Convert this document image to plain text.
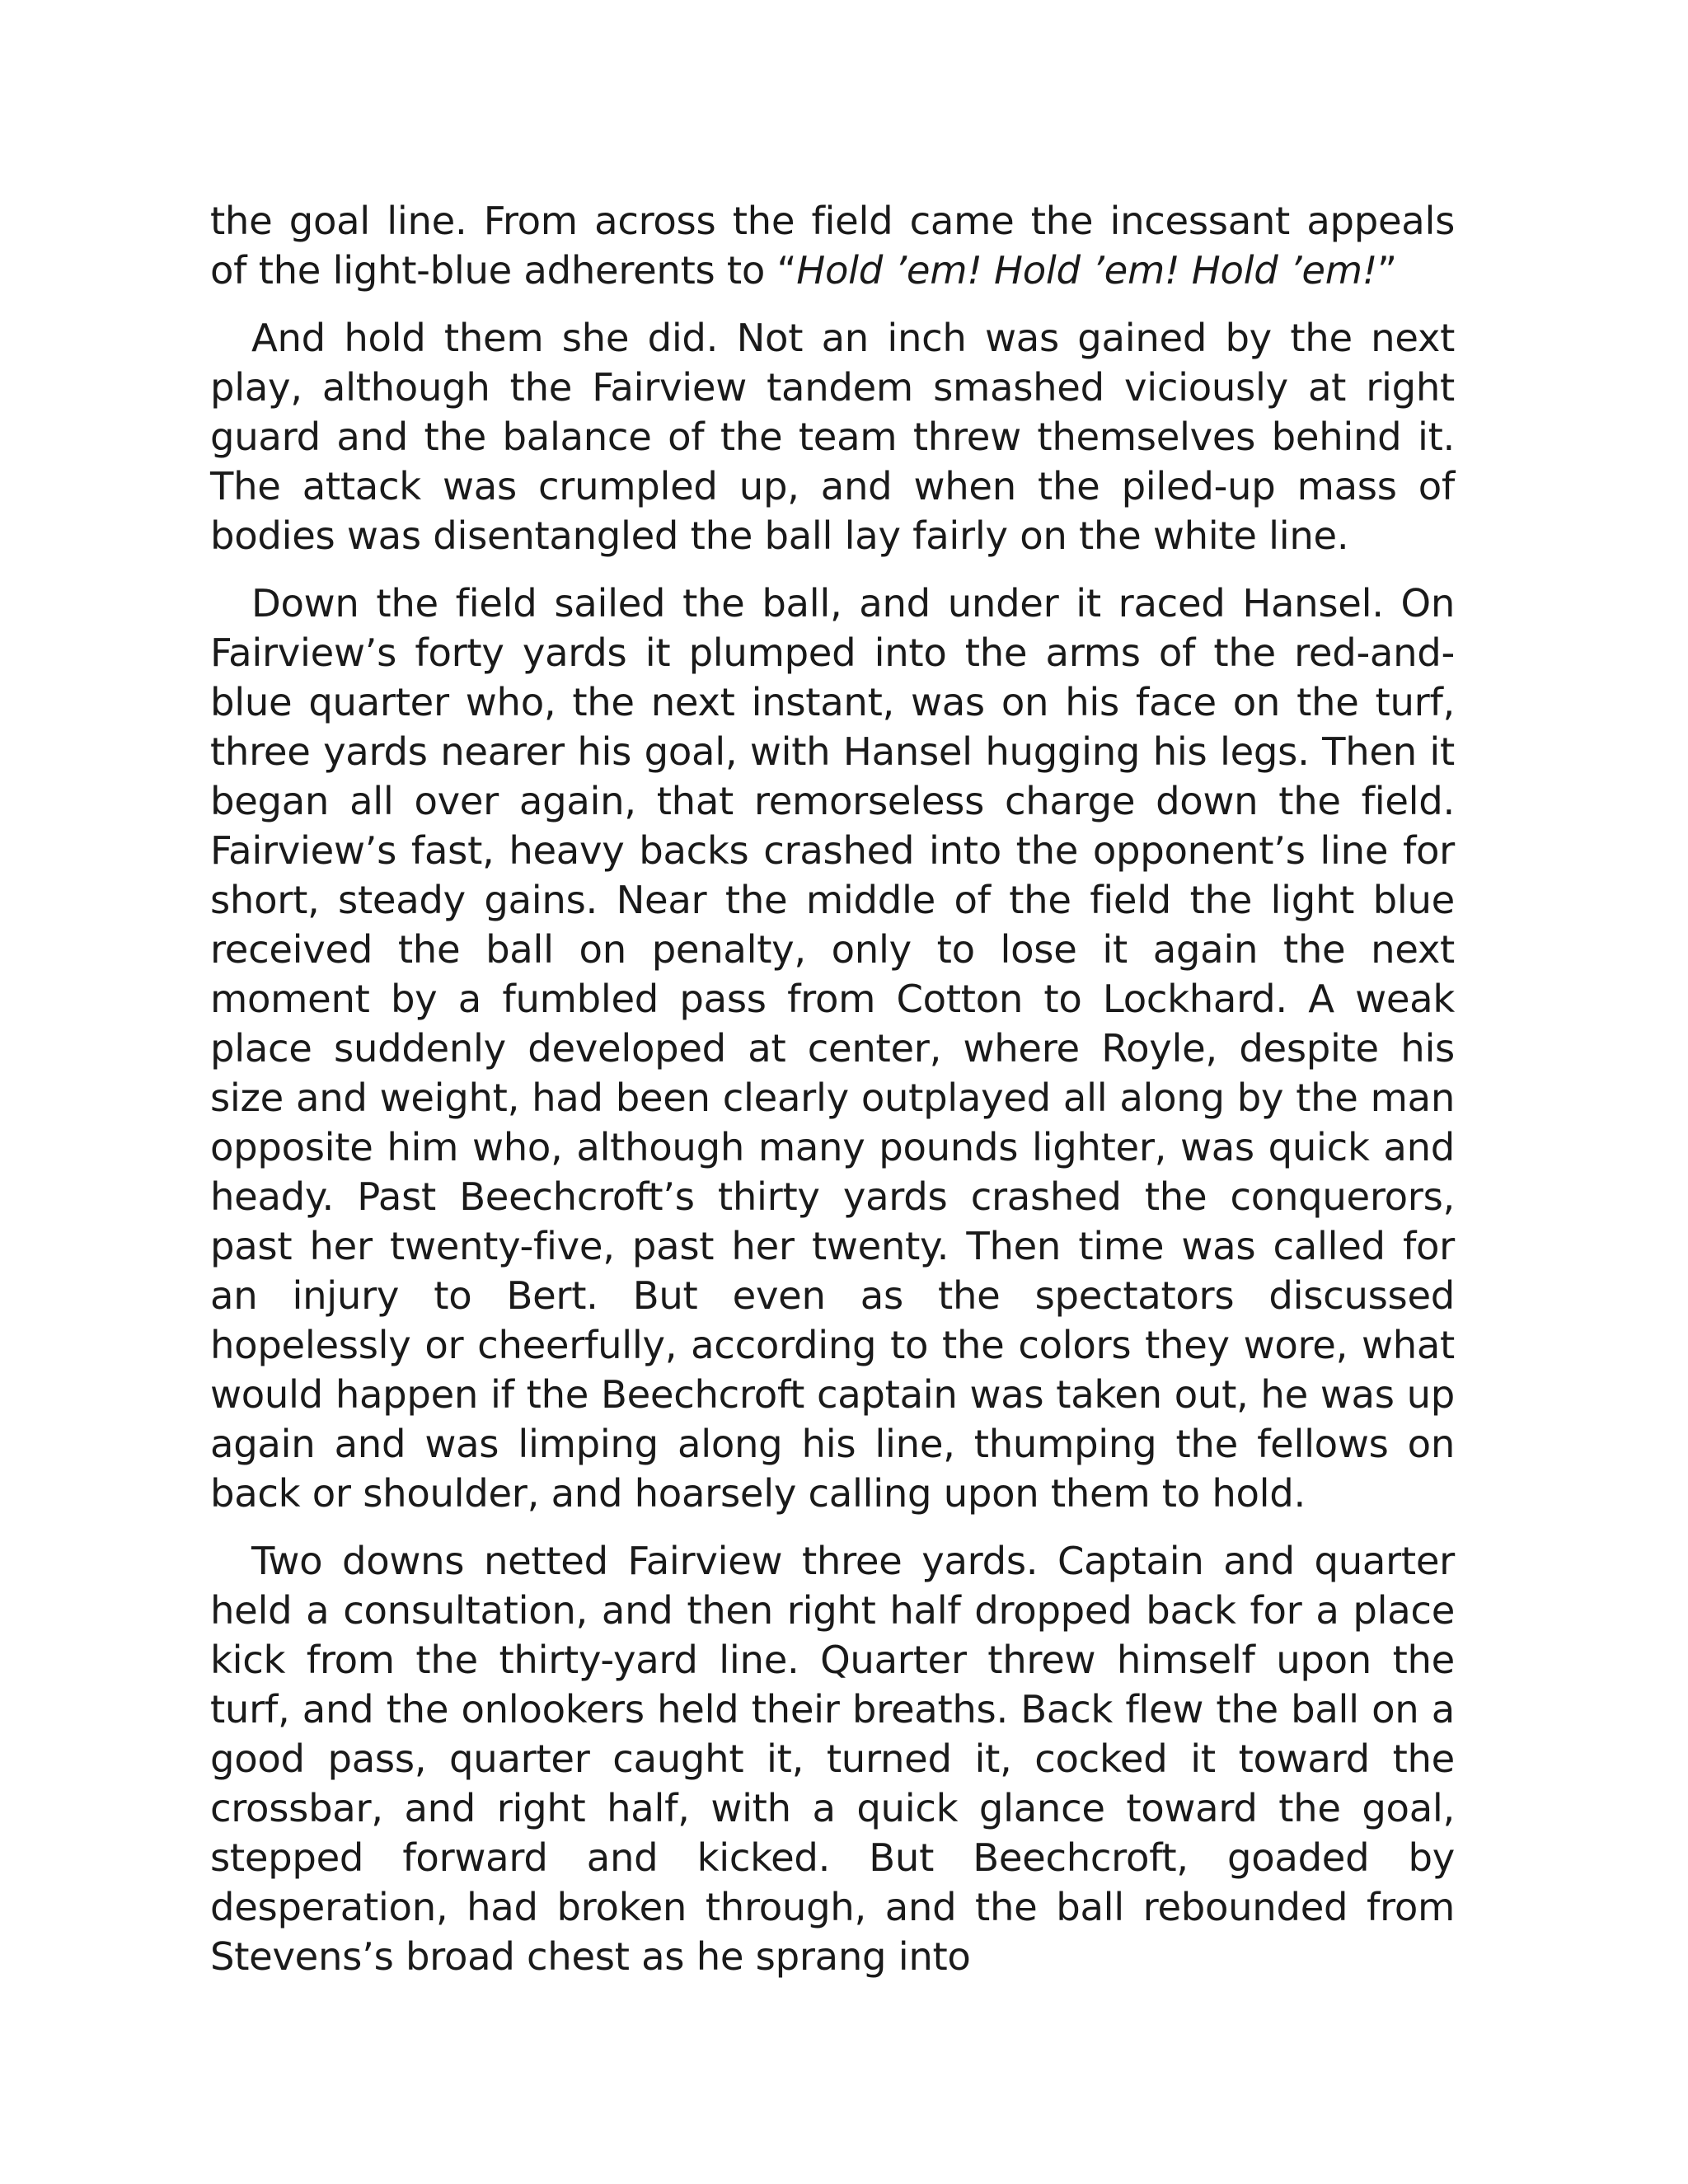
the goal line. From across the field came the incessant appeals of the light-blue adherents to “Hold ’em! Hold ’em! Hold ’em!”

And hold them she did. Not an inch was gained by the next play, although the Fairview tandem smashed viciously at right guard and the balance of the team threw themselves behind it. The attack was crumpled up, and when the piled-up mass of bodies was disentangled the ball lay fairly on the white line.

Down the field sailed the ball, and under it raced Hansel. On Fairview’s forty yards it plumped into the arms of the red-and-blue quarter who, the next instant, was on his face on the turf, three yards nearer his goal, with Hansel hugging his legs. Then it began all over again, that remorseless charge down the field. Fairview’s fast, heavy backs crashed into the opponent’s line for short, steady gains. Near the middle of the field the light blue received the ball on penalty, only to lose it again the next moment by a fumbled pass from Cotton to Lockhard. A weak place suddenly developed at center, where Royle, despite his size and weight, had been clearly outplayed all along by the man opposite him who, although many pounds lighter, was quick and heady. Past Beechcroft’s thirty yards crashed the conquerors, past her twenty-five, past her twenty. Then time was called for an injury to Bert. But even as the spectators discussed hopelessly or cheerfully, according to the colors they wore, what would happen if the Beechcroft captain was taken out, he was up again and was limping along his line, thumping the fellows on back or shoulder, and hoarsely calling upon them to hold.

Two downs netted Fairview three yards. Captain and quarter held a consultation, and then right half dropped back for a place kick from the thirty-yard line. Quarter threw himself upon the turf, and the onlookers held their breaths. Back flew the ball on a good pass, quarter caught it, turned it, cocked it toward the crossbar, and right half, with a quick glance toward the goal, stepped forward and kicked. But Beechcroft, goaded by desperation, had broken through, and the ball rebounded from Stevens’s broad chest as he sprang into
